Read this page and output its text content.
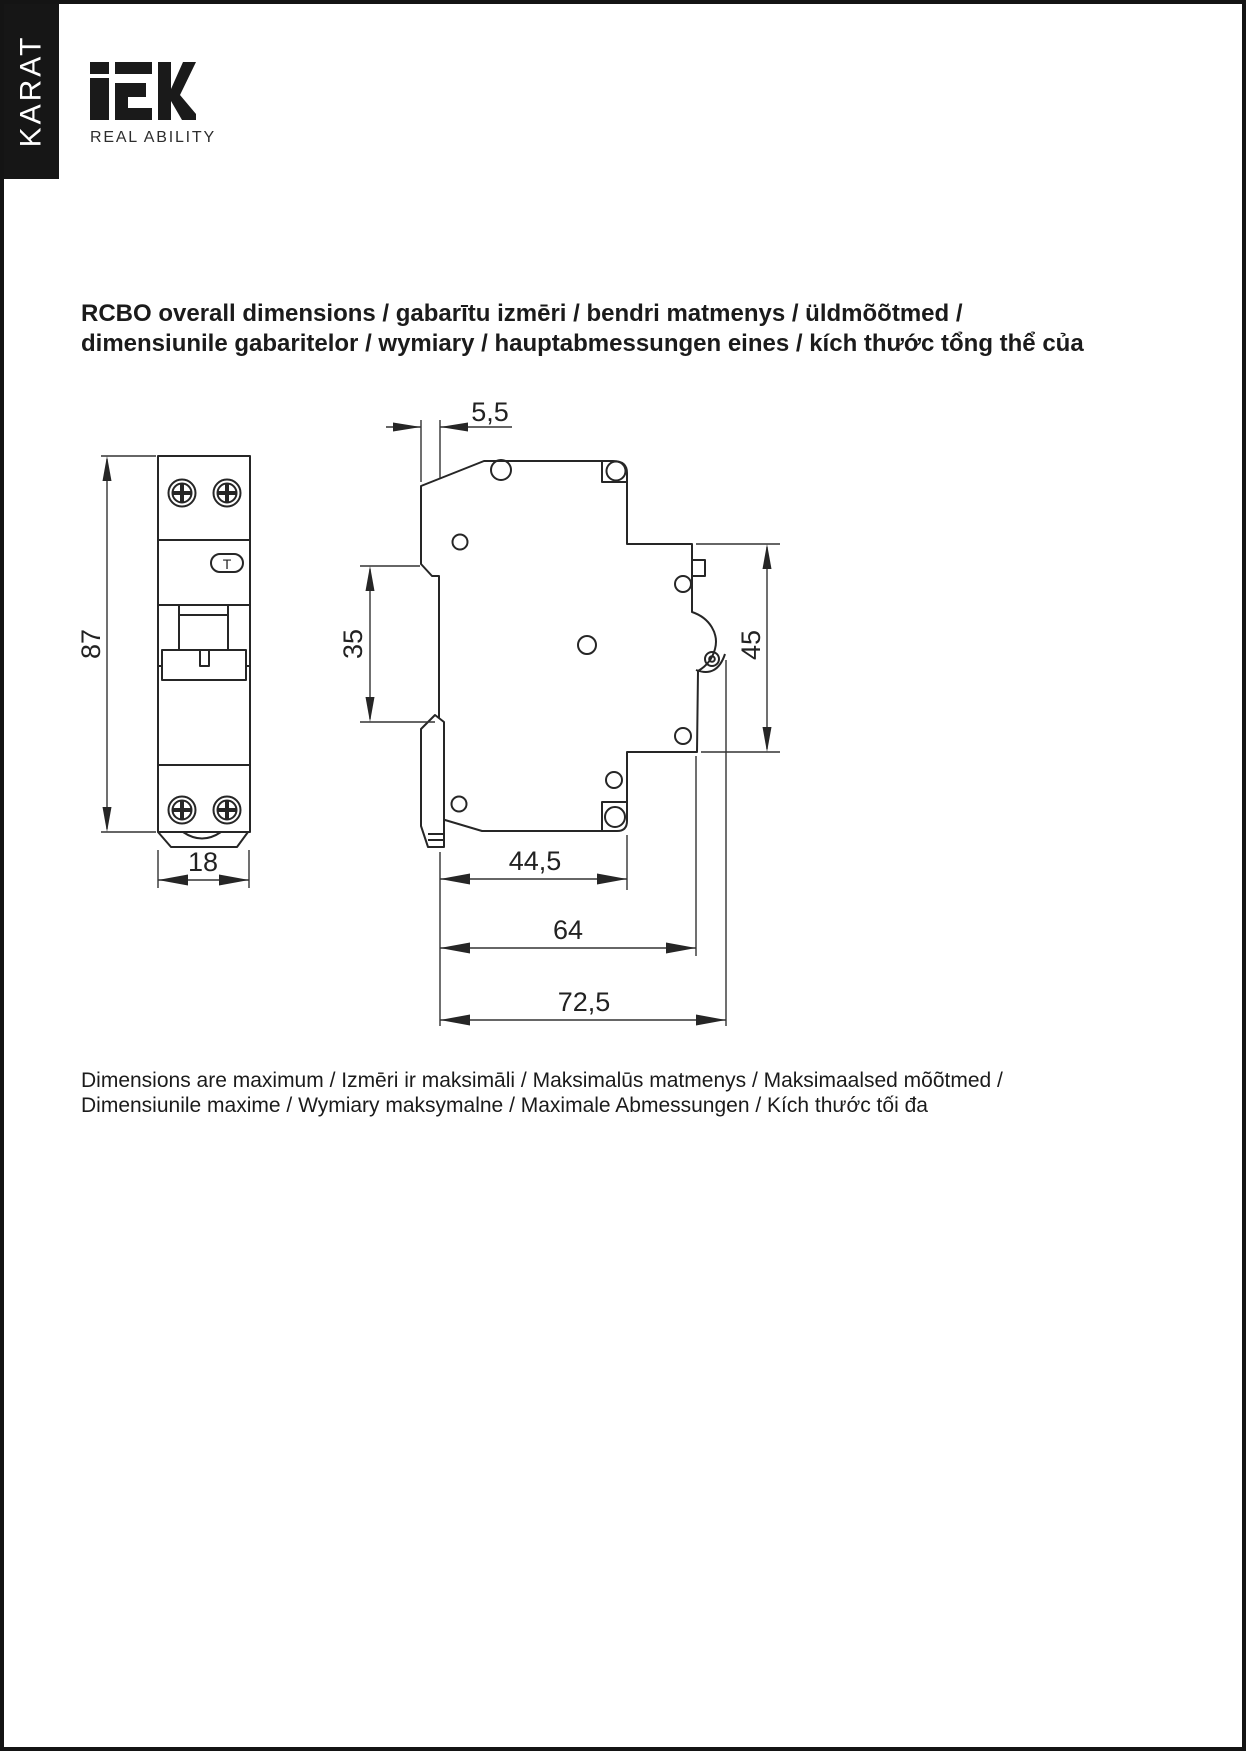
KARAT	REAL ABILITY
RCBO overall dimensions / gabarītu izmēri / bendri matmenys / üldmõõtmed /
dimensiunile gabaritelor / wymiary / hauptabmessungen eines / kích thước tổng thể của
T
87
18
5,5
35	45
44,5
64
72,5
Dimensions are maximum / Izmēri ir maksimāli / Maksimalūs matmenys / Maksimaalsed mõõtmed /
Dimensiunile maxime / Wymiary maksymalne / Maximale Abmessungen / Kích thước tối đa
